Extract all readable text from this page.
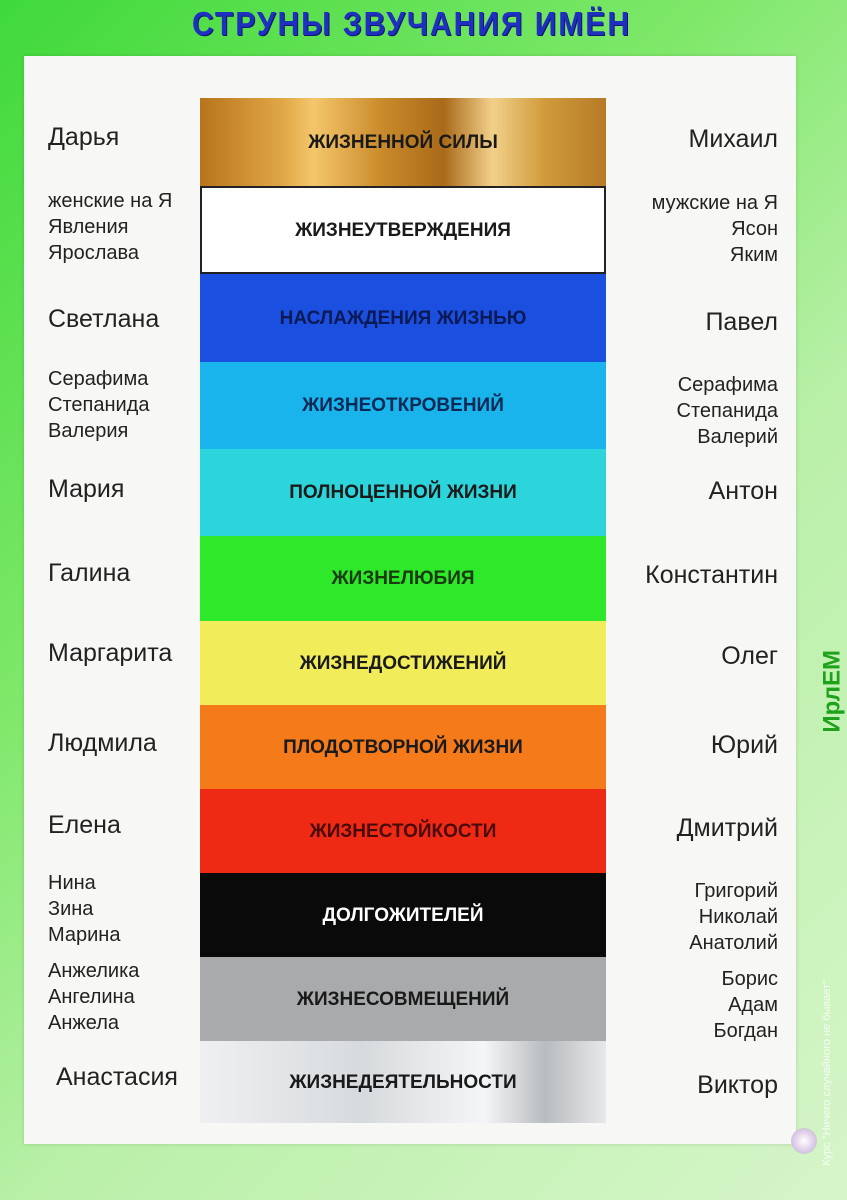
СТРУНЫ ЗВУЧАНИЯ ИМЁН
ЖИЗНЕННОЙ СИЛЫ
ЖИЗНЕУТВЕРЖДЕНИЯ
НАСЛАЖДЕНИЯ ЖИЗНЬЮ
ЖИЗНЕОТКРОВЕНИЙ
ПОЛНОЦЕННОЙ ЖИЗНИ
ЖИЗНЕЛЮБИЯ
ЖИЗНЕДОСТИЖЕНИЙ
ПЛОДОТВОРНОЙ ЖИЗНИ
ЖИЗНЕСТОЙКОСТИ
ДОЛГОЖИТЕЛЕЙ
ЖИЗНЕСОВМЕЩЕНИЙ
ЖИЗНЕДЕЯТЕЛЬНОСТИ
Дарья
женские на Я
Явления
Ярослава
Светлана
Серафима
Степанида
Валерия
Мария
Галина
Маргарита
Людмила
Елена
Нина
Зина
Марина
Анжелика
Ангелина
Анжела
Анастасия
Михаил
мужские на Я
Ясон
Яким
Павел
Серафима
Степанида
Валерий
Антон
Константин
Олег
Юрий
Дмитрий
Григорий
Николай
Анатолий
Борис
Адам
Богдан
Виктор
ИрлЕМ
Курс "Ничего случайного не бывает"
